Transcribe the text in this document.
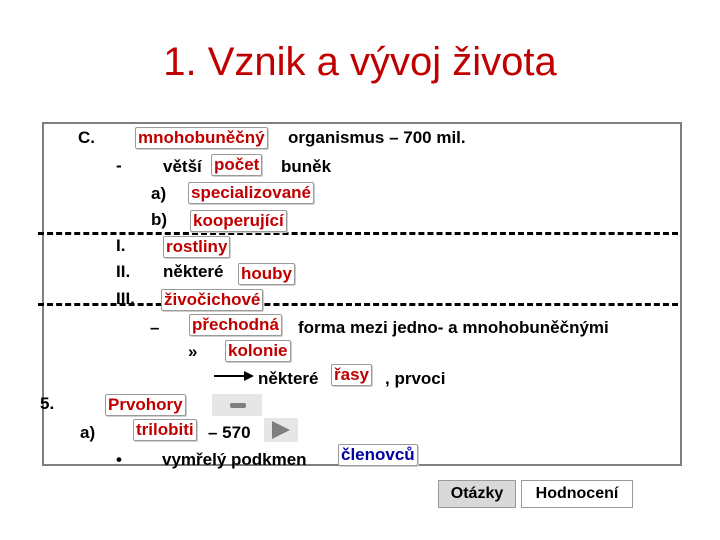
1. Vznik a vývoj života
C.	mnohobuněčný organismus – 700 mil.
- větší počet buněk
a) specializované
b) kooperující
I. rostliny
II. některé houby
III. živočichové
– přechodná forma mezi jedno- a mnohobuněčnými
» kolonie
některé řasy , prvoci
5.	Prvohory
a) trilobiti – 570
• vymřelý podkmen členovců
Otázky	Hodnocení
